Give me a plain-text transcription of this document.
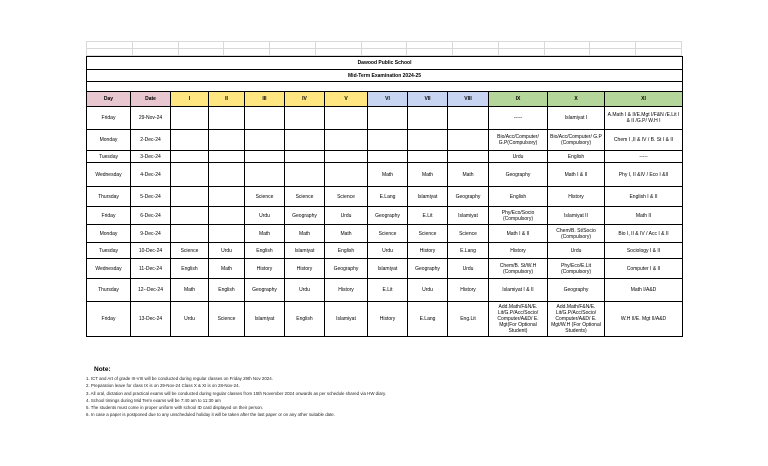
Dawood Public School												
Mid-Term Examination 2024-25												

Day	Date	I	II	III	IV	V	VI	VII	VIII	IX	X	XI
Friday	29-Nov-24									-----	Islamiyat I	A.Math I & II/E.Mgt I/F&N /E.Lit I & II /G.P/ W.H I
Monday	2-Dec-24									Bio/Acc/Computer/ G.P(Compulsory)	Bio/Acc/Computer/ G.P (Compulsory)	Chem I ,II & IV / B. St I & II
Tuesday	3-Dec-24									Urdu	English	-----
Wednesday	4-Dec-24						Math	Math	Math	Geography	Math I & II	Phy I, II &IV / Eco I &II
Thursday	5-Dec-24			Science	Science	Science	E.Lang	Islamiyat	Geography	English	History	English I & II
Friday	6-Dec-24			Urdu	Geography	Urdu	Geography	E.Lit	Islamiyat	Phy/Eco/Socio (Compulsory)	Islamiyat II	Math II
Monday	9-Dec-24			Math	Math	Math	Science	Science	Science	Math I & II	Chem/B. St/Socio (Compulsory)	Bio I, II & IV / Acc I & II
Tuesday	10-Dec-24	Science	Urdu	English	Islamiyat	English	Urdu	History	E.Lang	History	Urdu	Sociology I & II
Wednesday	11-Dec-24	English	Math	History	History	Geography	Islamiyat	Geography	Urdu	Chem/B. St/W.H (Compulsory)	Phy/Eco/E.Lit (Compulsory)	Computer I & II
Thursday	12--Dec-24	Math	English	Geography	Urdu	History	E.Lit	Urdu	History	Islamiyat I & II	Geography	Math I/A&D
Friday	13-Dec-24	Urdu	Science	Islamiyat	English	Islamiyat	History	E.Lang	Eng.Lit	Add.Math/F&N/E. Lit/G.P/Acc/Socio/ Computer/A&D/ E. Mgt(For Optional Student)	Add.Math/F&N/E. Lit/G.P/Acc/Socio/ Computer/A&D/ E. Mgt/W.H (For Optional Students)	W.H II/E. Mgt II/A&D
Note:
1. ICT and Art of grade III-VIII will be conducted during regular classes on Friday 29th Nov 2024.
2. Preparation leave for class IX is on 29-Nov-24 Class X & XI is on 28-Nov-24.
3. All oral, dictation and practical exams will be conducted during regular classes from 15th November 2024 onwards as per schedule shared via HW diary.
4. School timings during Mid Term exams will be 7:40 am to 11:30 am
5. The students must come in proper uniform with school ID card displayed on their person.
6. In case a paper is postponed due to any unscheduled holiday it will be taken after the last paper or on any other suitable date.
